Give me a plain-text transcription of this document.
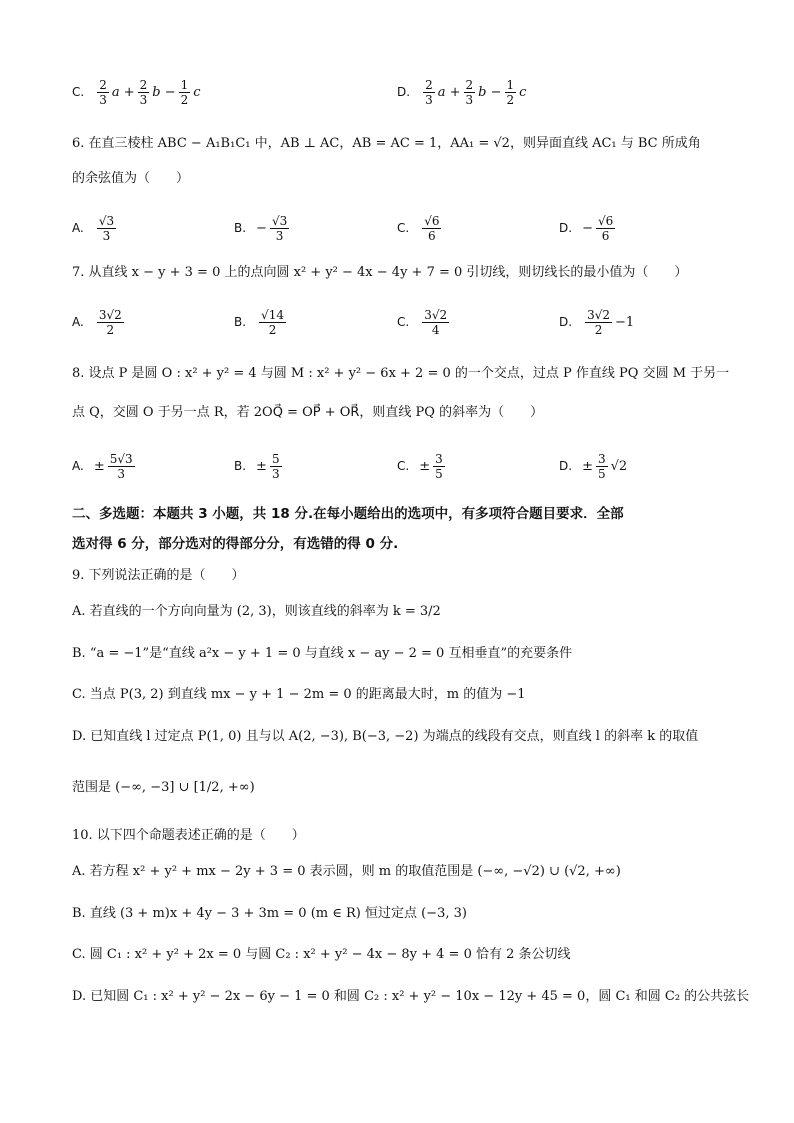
C. $\frac{2}{3}$ $a + \frac{2}{3}$ $b - \frac{1}{2}$ c	D. $\frac{2}{3}$ $a + \frac{2}{3}$ $b - \frac{1}{2}$ c
6. 在直三棱柱 ABC − A₁B₁C₁ 中，AB ⊥ AC，AB = AC = 1，AA₁ = √2，则异面直线 AC₁ 与 BC 所成角
的余弦值为（　　）
A. $\frac{√3}{3}$	B. − $\frac{√3}{3}$	C. $\frac{√6}{6}$	D. − $\frac{√6}{6}$
7. 从直线 x − y + 3 = 0 上的点向圆 x² + y² − 4x − 4y + 7 = 0 引切线，则切线长的最小值为（　　）
A. $\frac{3√2}{2}$	B. $\frac{√14}{2}$	C. $\frac{3√2}{4}$	D. $\frac{3√2}{2} -1$
8. 设点 P 是圆 O : x² + y² = 4 与圆 M : x² + y² − 6x + 2 = 0 的一个交点，过点 P 作直线 PQ 交圆 M 于另一
点 Q，交圆 O 于另一点 R，若 2OQ⃗ = OP⃗ + OR⃗，则直线 PQ 的斜率为（　　）
A. ± $\frac{5√3}{3}$	B. ± $\frac{5}{3}$	C. ± $\frac{3}{5}$	D. ± $\frac{3}{5} √2$
二、多选题：本题共 3 小题，共 18 分.在每小题给出的选项中，有多项符合题目要求．全部
选对得 6 分，部分选对的得部分分，有选错的得 0 分.
9. 下列说法正确的是（　　）
A. 若直线的一个方向向量为 (2, 3)，则该直线的斜率为 k = 3/2
B. “a = −1”是“直线 a²x − y + 1 = 0 与直线 x − ay − 2 = 0 互相垂直”的充要条件
C. 当点 P(3, 2) 到直线 mx − y + 1 − 2m = 0 的距离最大时，m 的值为 −1
D. 已知直线 l 过定点 P(1, 0) 且与以 A(2, −3), B(−3, −2) 为端点的线段有交点，则直线 l 的斜率 k 的取值
范围是 (−∞, −3] ∪ [1/2, +∞)
10. 以下四个命题表述正确的是（　　）
A. 若方程 x² + y² + mx − 2y + 3 = 0 表示圆，则 m 的取值范围是 (−∞, −√2) ∪ (√2, +∞)
B. 直线 (3 + m)x + 4y − 3 + 3m = 0 (m ∈ R) 恒过定点 (−3, 3)
C. 圆 C₁ : x² + y² + 2x = 0 与圆 C₂ : x² + y² − 4x − 8y + 4 = 0 恰有 2 条公切线
D. 已知圆 C₁ : x² + y² − 2x − 6y − 1 = 0 和圆 C₂ : x² + y² − 10x − 12y + 45 = 0，圆 C₁ 和圆 C₂ 的公共弦长
